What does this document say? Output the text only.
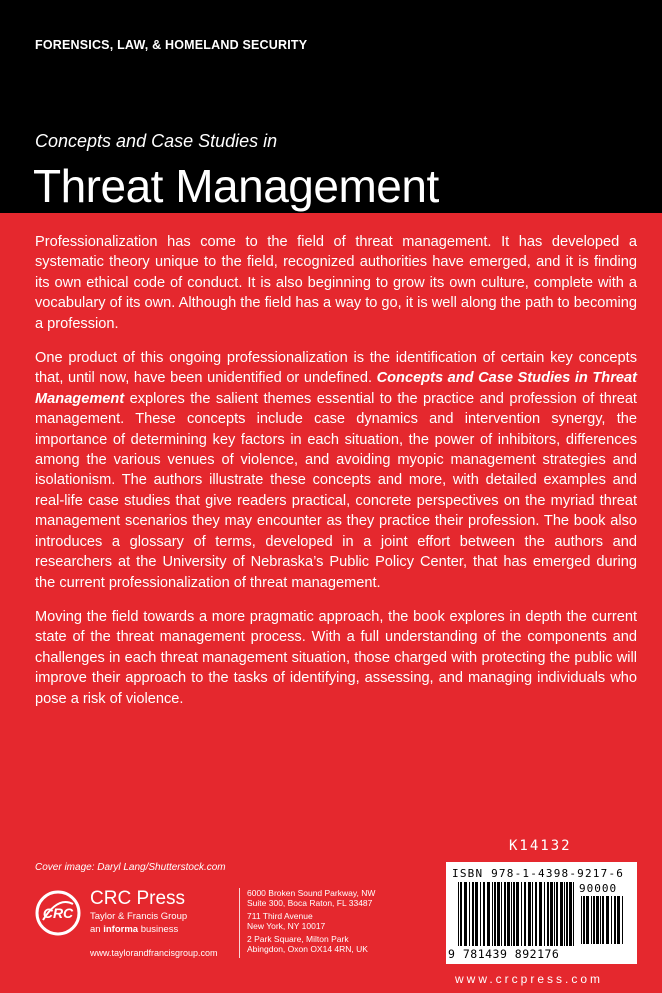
FORENSICS, LAW, & HOMELAND SECURITY
Concepts and Case Studies in
Threat Management

Professionalization has come to the field of threat management. It has developed a systematic theory unique to the field, recognized authorities have emerged, and it is finding its own ethical code of conduct. It is also beginning to grow its own culture, complete with a vocabulary of its own. Although the field has a way to go, it is well along the path to becoming a profession.

One product of this ongoing professionalization is the identification of certain key concepts that, until now, have been unidentified or undefined. Concepts and Case Studies in Threat Management explores the salient themes essential to the practice and profession of threat management. These concepts include case dynamics and intervention synergy, the importance of determining key factors in each situation, the power of inhibitors, differences among the various venues of violence, and avoiding myopic management strategies and isolationism. The authors illustrate these concepts and more, with detailed examples and real-life case studies that give readers practical, concrete perspectives on the myriad threat management scenarios they may encounter as they practice their profession. The book also introduces a glossary of terms, developed in a joint effort between the authors and researchers at the University of Nebraska’s Public Policy Center, that has emerged during the current professionalization of threat management.

Moving the field towards a more pragmatic approach, the book explores in depth the current state of the threat management process. With a full understanding of the components and challenges in each threat management situation, those charged with protecting the public will improve their approach to the tasks of identifying, assessing, and managing individuals who pose a risk of violence.

Cover image: Daryl Lang/Shutterstock.com
CRC
CRC Press
Taylor & Francis Group
an informa business
www.taylorandfrancisgroup.com
6000 Broken Sound Parkway, NW
Suite 300, Boca Raton, FL 33487
711 Third Avenue
New York, NY 10017
2 Park Square, Milton Park
Abingdon, Oxon OX14 4RN, UK
K14132
ISBN 978-1-4398-9217-6
90000
9 781439 892176
www.crcpress.com
